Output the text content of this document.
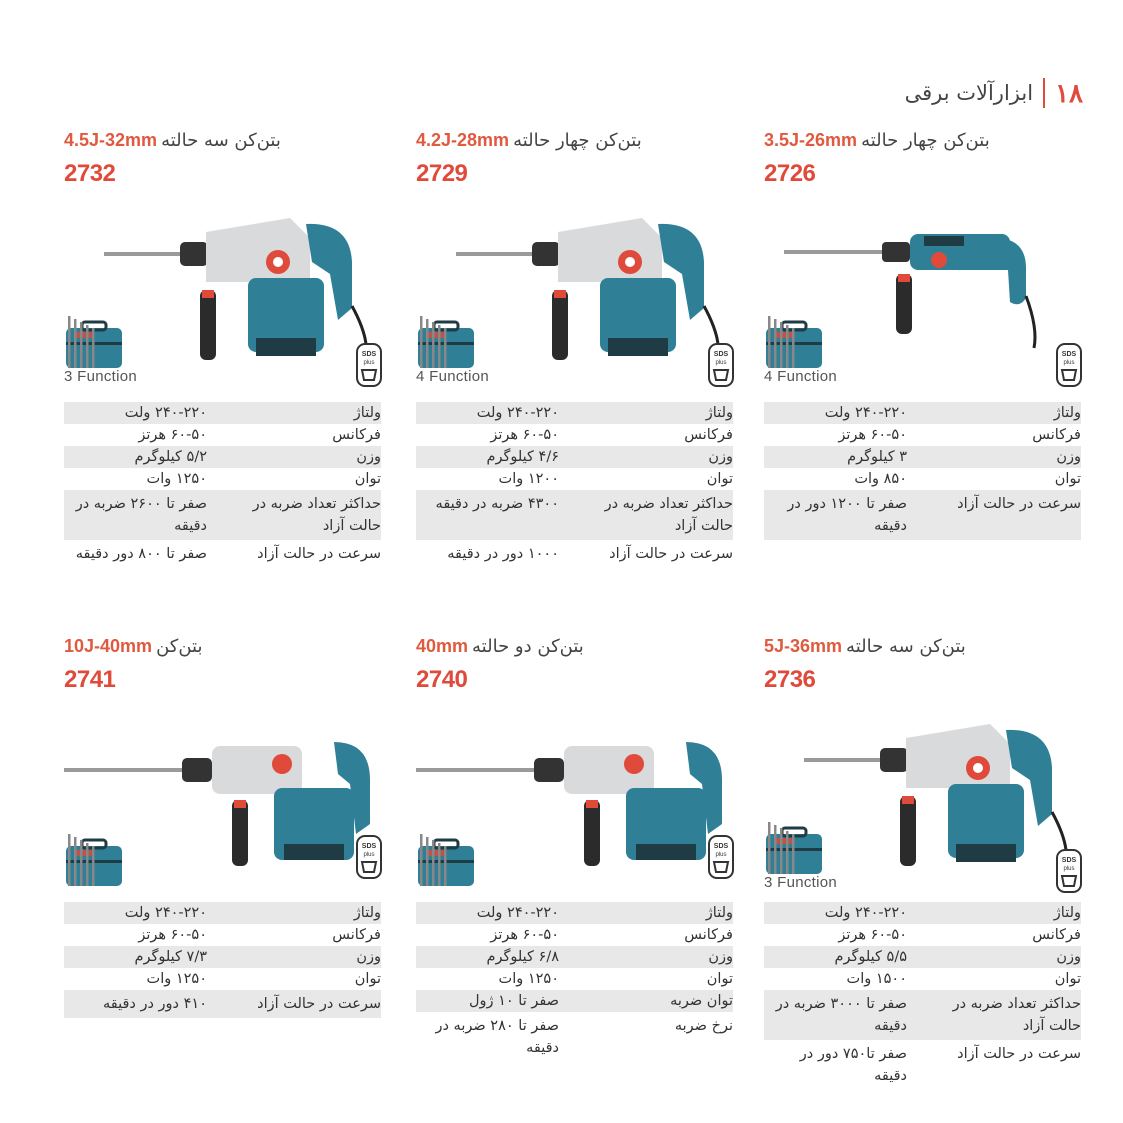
ابزارآلات برقی ۱۸
بتن‌کن چهار حالته3.5J-26mm
2726
SDS
plus
4 Function
ولتاژ
۲۴۰-۲۲۰ ولت
فرکانس
۶۰-۵۰ هرتز
وزن
۳ کیلوگرم
توان
۸۵۰ وات
سرعت در حالت آزاد
صفر تا ۱۲۰۰ دور در دقیقه
بتن‌کن چهار حالته4.2J-28mm
2729
SDS
plus
4 Function
ولتاژ
۲۴۰-۲۲۰ ولت
فرکانس
۶۰-۵۰ هرتز
وزن
۴/۶ کیلوگرم
توان
۱۲۰۰ وات
حداکثر تعداد ضربه در حالت آزاد
۴۳۰۰ ضربه در دقیقه
سرعت در حالت آزاد
۱۰۰۰ دور در دقیقه
بتن‌کن سه حالته4.5J-32mm
2732
SDS
plus
3 Function
ولتاژ
۲۴۰-۲۲۰ ولت
فرکانس
۶۰-۵۰ هرتز
وزن
۵/۲ کیلوگرم
توان
۱۲۵۰ وات
حداکثر تعداد ضربه در حالت آزاد
صفر تا ۲۶۰۰ ضربه در دقیقه
سرعت در حالت آزاد
صفر تا ۸۰۰ دور دقیقه
بتن‌کن سه حالته5J-36mm
2736
SDS
plus
3 Function
ولتاژ
۲۴۰-۲۲۰ ولت
فرکانس
۶۰-۵۰ هرتز
وزن
۵/۵ کیلوگرم
توان
۱۵۰۰ وات
حداکثر تعداد ضربه در حالت آزاد
صفر تا ۳۰۰۰ ضربه در دقیقه
سرعت در حالت آزاد
صفر تا۷۵۰ دور در دقیقه
بتن‌کن دو حالته40mm
2740
SDS
plus
ولتاژ
۲۴۰-۲۲۰ ولت
فرکانس
۶۰-۵۰ هرتز
وزن
۶/۸ کیلوگرم
توان
۱۲۵۰ وات
توان ضربه
صفر تا ۱۰ ژول
نرخ ضربه
صفر تا ۲۸۰ ضربه در دقیقه
بتن‌کن10J-40mm
2741
SDS
plus
ولتاژ
۲۴۰-۲۲۰ ولت
فرکانس
۶۰-۵۰ هرتز
وزن
۷/۳ کیلوگرم
توان
۱۲۵۰ وات
سرعت در حالت آزاد
۴۱۰ دور در دقیقه
